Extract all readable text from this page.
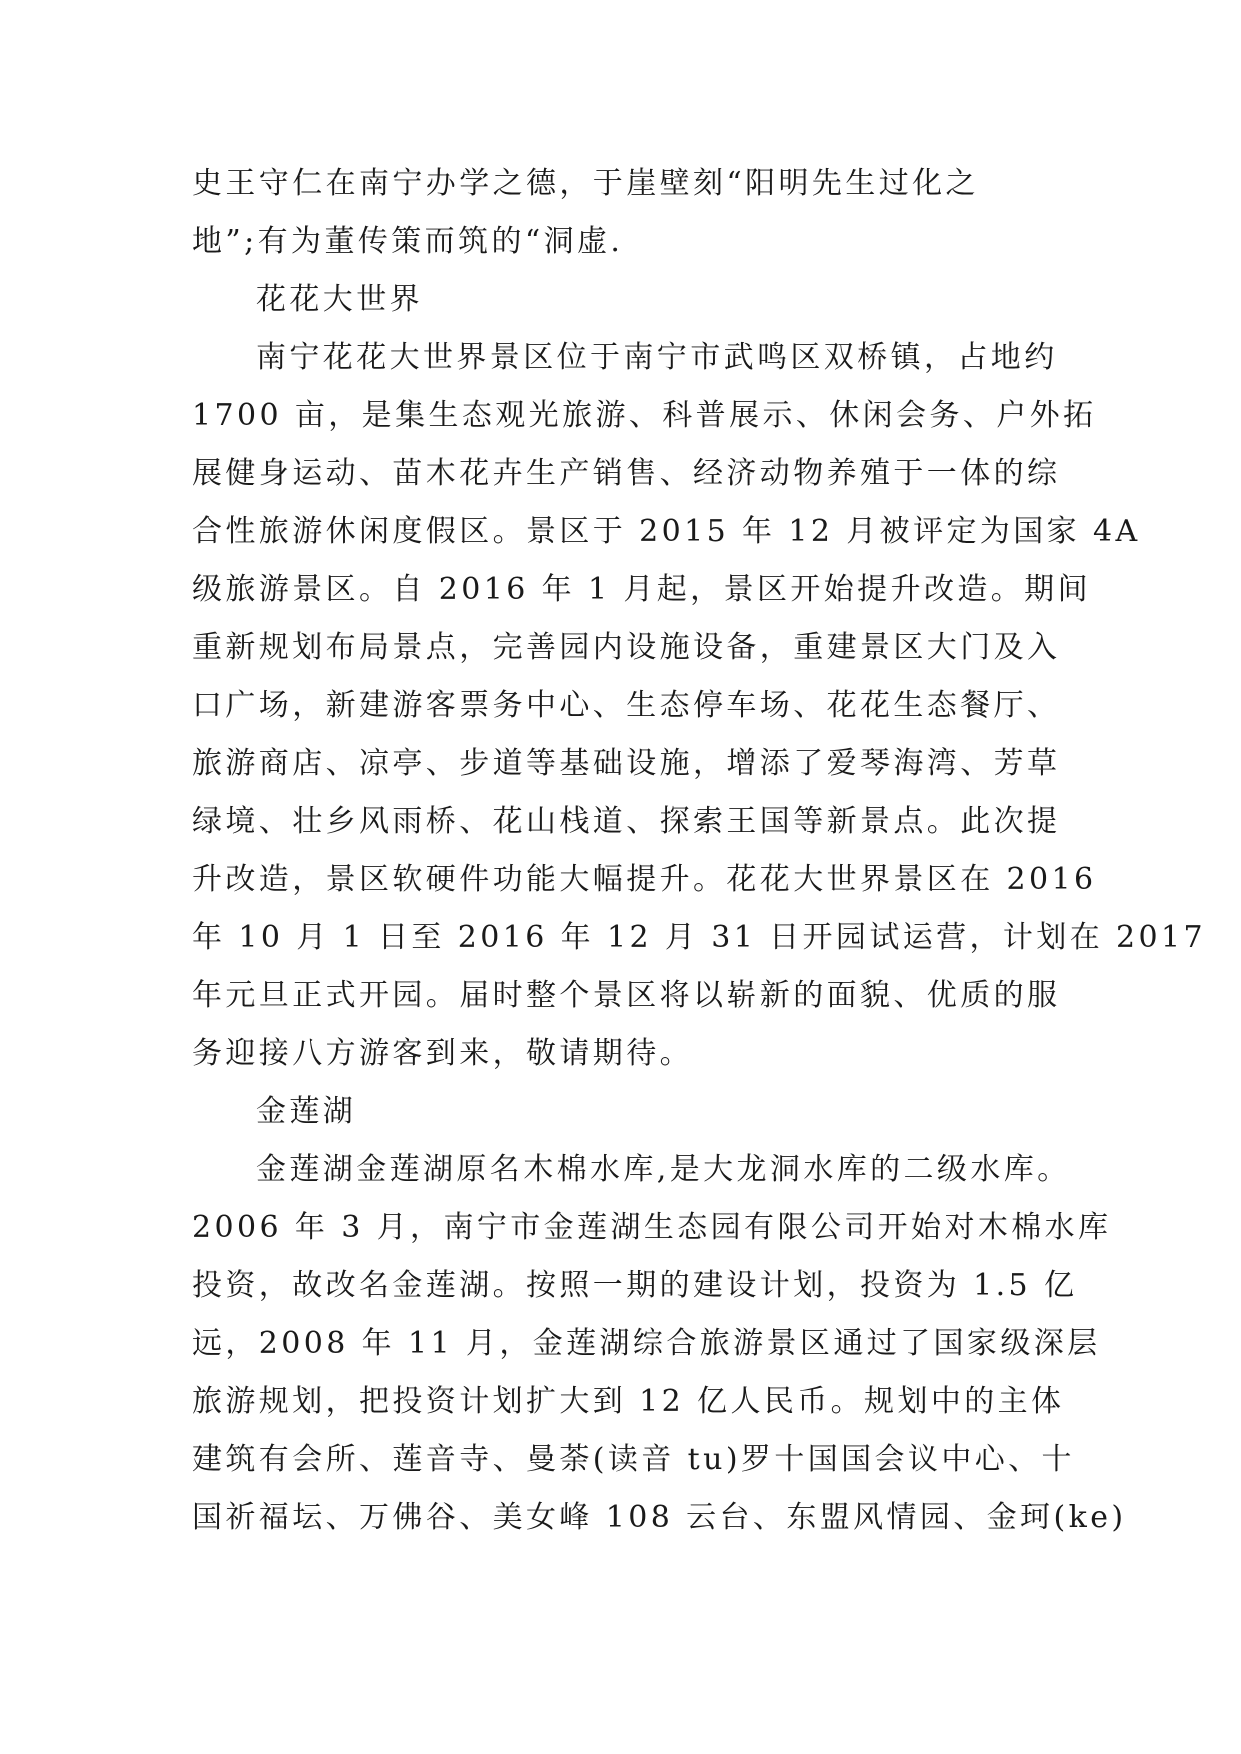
史王守仁在南宁办学之德，于崖壁刻“阳明先生过化之
地”;有为董传策而筑的“洞虚.
花花大世界
南宁花花大世界景区位于南宁市武鸣区双桥镇，占地约
1700 亩，是集生态观光旅游、科普展示、休闲会务、户外拓
展健身运动、苗木花卉生产销售、经济动物养殖于一体的综
合性旅游休闲度假区。景区于 2015 年 12 月被评定为国家 4A
级旅游景区。自 2016 年 1 月起，景区开始提升改造。期间
重新规划布局景点，完善园内设施设备，重建景区大门及入
口广场，新建游客票务中心、生态停车场、花花生态餐厅、
旅游商店、凉亭、步道等基础设施，增添了爱琴海湾、芳草
绿境、壮乡风雨桥、花山栈道、探索王国等新景点。此次提
升改造，景区软硬件功能大幅提升。花花大世界景区在 2016
年 10 月 1 日至 2016 年 12 月 31 日开园试运营，计划在 2017
年元旦正式开园。届时整个景区将以崭新的面貌、优质的服
务迎接八方游客到来，敬请期待。
金莲湖
金莲湖金莲湖原名木棉水库,是大龙洞水库的二级水库。
2006 年 3 月，南宁市金莲湖生态园有限公司开始对木棉水库
投资，故改名金莲湖。按照一期的建设计划，投资为 1.5 亿
远，2008 年 11 月，金莲湖综合旅游景区通过了国家级深层
旅游规划，把投资计划扩大到 12 亿人民币。规划中的主体
建筑有会所、莲音寺、曼荼(读音 tu)罗十国国会议中心、十
国祈福坛、万佛谷、美女峰 108 云台、东盟风情园、金珂(ke)
